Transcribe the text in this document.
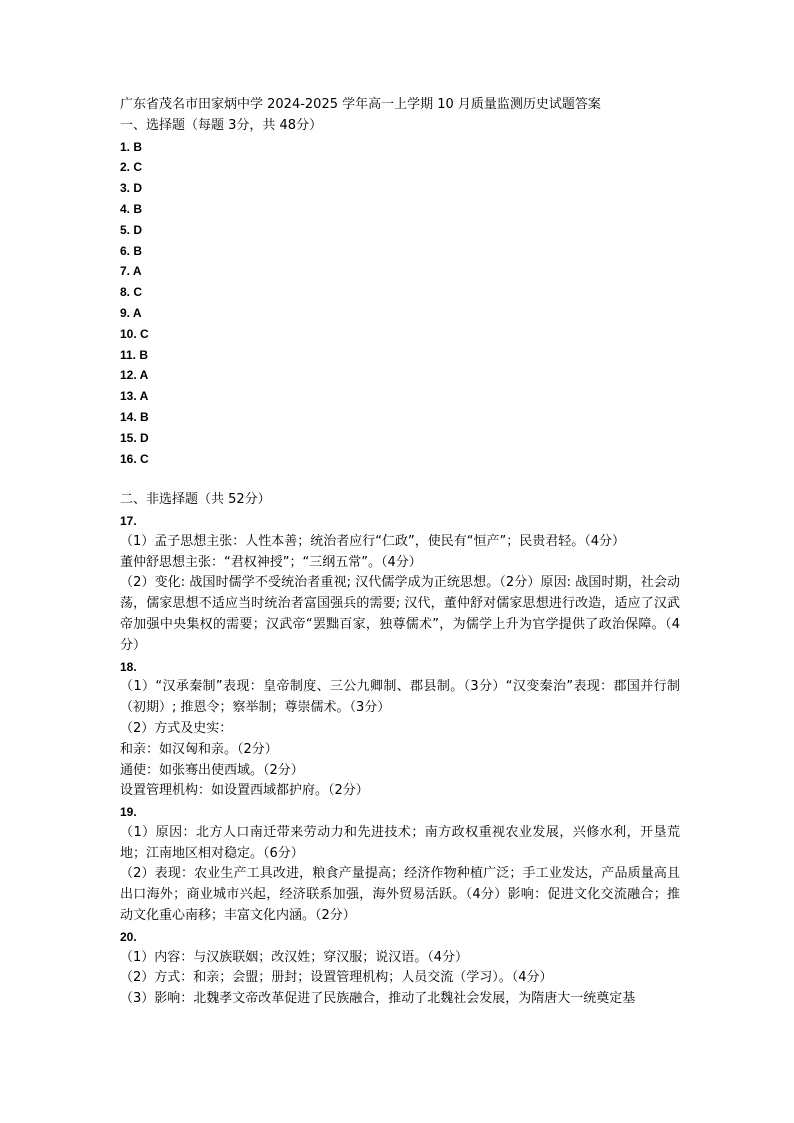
广东省茂名市田家炳中学 2024-2025 学年高一上学期 10 月质量监测历史试题答案
一、选择题（每题 3分，共 48分）
1. B
2. C
3. D
4. B
5. D
6. B
7. A
8. C
9. A
10. C
11. B
12. A
13. A
14. B
15. D
16. C
二、非选择题（共 52分）
17.
（1）孟子思想主张：人性本善；统治者应行“仁政”，使民有“恒产”；民贵君轻。（4分）
董仲舒思想主张：“君权神授”；“三纲五常”。（4分）
（2）变化: 战国时儒学不受统治者重视; 汉代儒学成为正统思想。（2分）原因: 战国时期，社会动荡，儒家思想不适应当时统治者富国强兵的需要; 汉代，董仲舒对儒家思想进行改造，适应了汉武帝加强中央集权的需要；汉武帝“罢黜百家，独尊儒术”，为儒学上升为官学提供了政治保障。（4分）
18.
（1）“汉承秦制”表现：皇帝制度、三公九卿制、郡县制。（3分）“汉变秦治”表现：郡国并行制（初期）; 推恩令；察举制；尊崇儒术。（3分）
（2）方式及史实：
和亲：如汉匈和亲。（2分）
通使：如张骞出使西域。（2分）
设置管理机构：如设置西域都护府。（2分）
19.
（1）原因：北方人口南迁带来劳动力和先进技术；南方政权重视农业发展，兴修水利，开垦荒地；江南地区相对稳定。（6分）
（2）表现：农业生产工具改进，粮食产量提高；经济作物种植广泛；手工业发达，产品质量高且出口海外；商业城市兴起，经济联系加强，海外贸易活跃。（4分）影响：促进文化交流融合；推动文化重心南移；丰富文化内涵。（2分）
20.
（1）内容：与汉族联姻；改汉姓；穿汉服；说汉语。（4分）
（2）方式：和亲；会盟；册封；设置管理机构；人员交流（学习）。（4分）
（3）影响：北魏孝文帝改革促进了民族融合，推动了北魏社会发展，为隋唐大一统奠定基
